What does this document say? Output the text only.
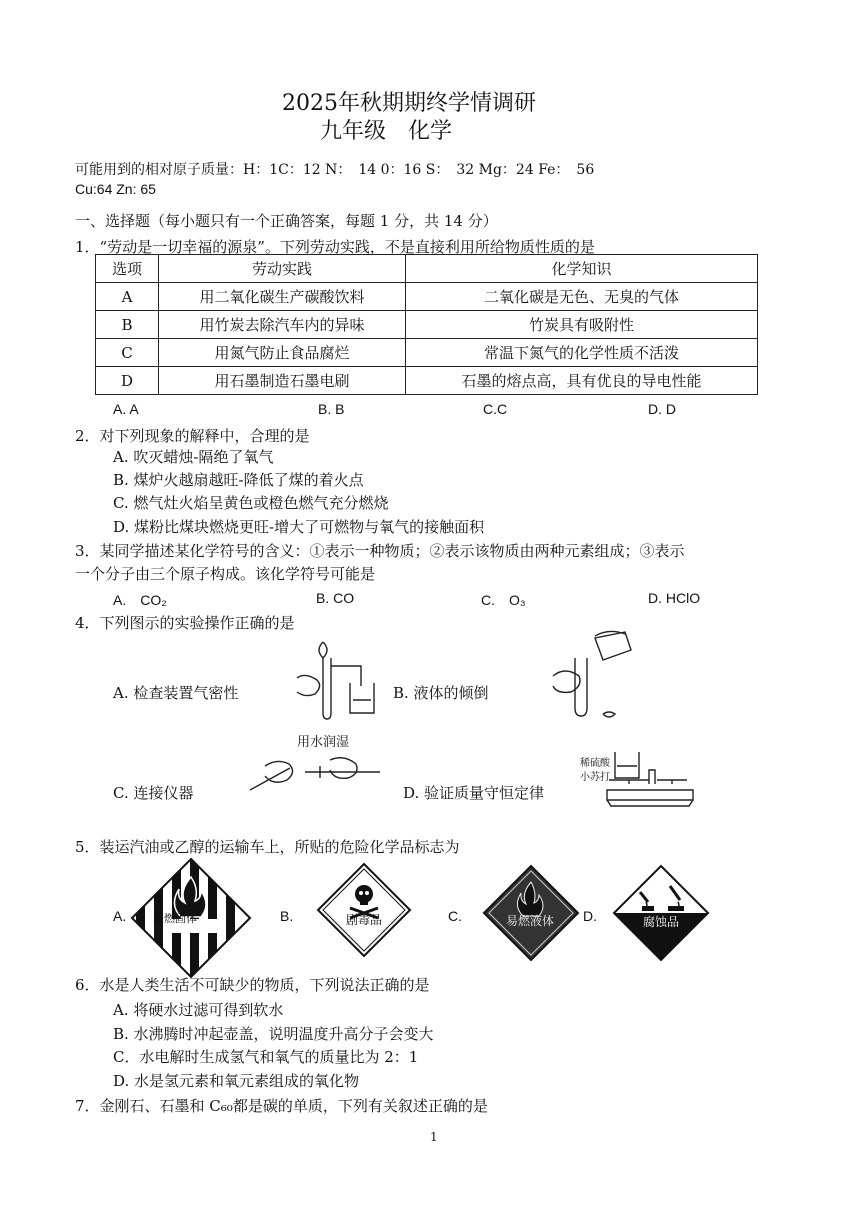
2025年秋期期终学情调研
九年级　化学
可能用到的相对原子质量：H：1C：12 N：　14 0：16 S：　32 Mg：24 Fe：　56
Cu:64 Zn: 65
一、选择题（每小题只有一个正确答案，每题 1 分，共 14 分）
1．“劳动是一切幸福的源泉”。下列劳动实践，不是直接利用所给物质性质的是
选项	劳动实践	化学知识
A	用二氧化碳生产碳酸饮料	二氧化碳是无色、无臭的气体
B	用竹炭去除汽车内的异味	竹炭具有吸附性
C	用氮气防止食品腐烂	常温下氮气的化学性质不活泼
D	用石墨制造石墨电刷	石墨的熔点高，具有优良的导电性能
A. A	B. B	C.C	D. D
2．对下列现象的解释中，合理的是
A. 吹灭蜡烛-隔绝了氧气
B. 煤炉火越扇越旺-降低了煤的着火点
C. 燃气灶火焰呈黄色或橙色燃气充分燃烧
D. 煤粉比煤块燃烧更旺-增大了可燃物与氧气的接触面积
3．某同学描述某化学符号的含义：①表示一种物质；②表示该物质由两种元素组成；③表示
一个分子由三个原子构成。该化学符号可能是
A.　CO₂	B. CO	C.　O₃	D. HClO
4．下列图示的实验操作正确的是
A. 检查装置气密性	B. 液体的倾倒
C. 连接仪器	D. 验证质量守恒定律
用水润湿
稀硫酸
小苏打
5．装运汽油或乙醇的运输车上，所贴的危险化学品标志为
A.	B.	C.	D.
易燃固体	剧毒品	易燃液体	腐蚀品
6．水是人类生活不可缺少的物质，下列说法正确的是
A. 将硬水过滤可得到软水
B. 水沸腾时冲起壶盖，说明温度升高分子会变大
C．水电解时生成氢气和氧气的质量比为 2：1
D. 水是氢元素和氧元素组成的氧化物
7．金刚石、石墨和 C₆₀都是碳的单质，下列有关叙述正确的是
1
